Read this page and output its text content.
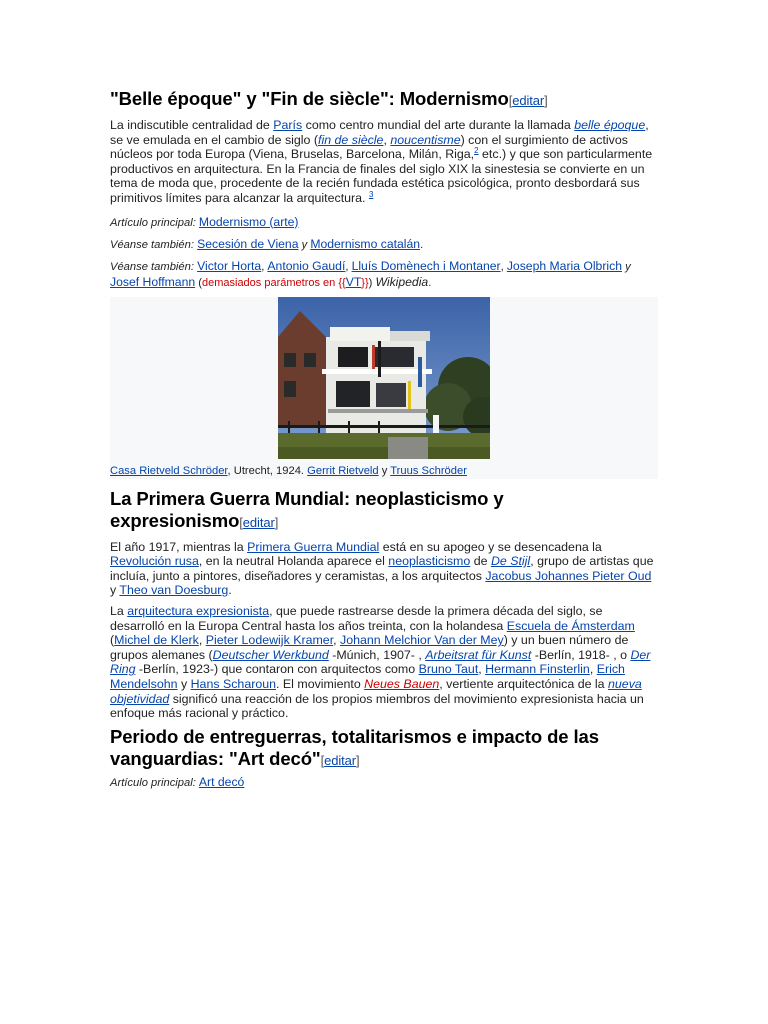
"Belle époque" y "Fin de siècle": Modernismo[editar]

La indiscutible centralidad de París como centro mundial del arte durante la llamada belle époque, se ve emulada en el cambio de siglo (fin de siècle, noucentisme) con el surgimiento de activos núcleos por toda Europa (Viena, Bruselas, Barcelona, Milán, Riga,$^2$ etc.) y que son particularmente productivos en arquitectura. En la Francia de finales del siglo XIX la sinestesia se convierte en un tema de moda que, procedente de la recién fundada estética psicológica, pronto desbordará sus primitivos límites para alcanzar la arquitectura. $^3$

Artículo principal: Modernismo (arte)

Véanse también: Secesión de Viena y Modernismo catalán.

Véanse también: Victor Horta, Antonio Gaudí, Lluís Domènech i Montaner, Joseph Maria Olbrich y Josef Hoffmann (demasiados parámetros en {{VT}}) Wikipedia.

Casa Rietveld Schröder, Utrecht, 1924. Gerrit Rietveld y Truus Schröder
La Primera Guerra Mundial: neoplasticismo y expresionismo[editar]

El año 1917, mientras la Primera Guerra Mundial está en su apogeo y se desencadena la Revolución rusa, en la neutral Holanda aparece el neoplasticismo de De Stijl, grupo de artistas que incluía, junto a pintores, diseñadores y ceramistas, a los arquitectos Jacobus Johannes Pieter Oud y Theo van Doesburg.

La arquitectura expresionista, que puede rastrearse desde la primera década del siglo, se desarrolló en la Europa Central hasta los años treinta, con la holandesa Escuela de Ámsterdam (Michel de Klerk, Pieter Lodewijk Kramer, Johann Melchior Van der Mey) y un buen número de grupos alemanes (Deutscher Werkbund -Múnich, 1907- , Arbeitsrat für Kunst -Berlín, 1918- , o Der Ring -Berlín, 1923-) que contaron con arquitectos como Bruno Taut, Hermann Finsterlin, Erich Mendelsohn y Hans Scharoun. El movimiento Neues Bauen, vertiente arquitectónica de la nueva objetividad significó una reacción de los propios miembros del movimiento expresionista hacia un enfoque más racional y práctico.

Periodo de entreguerras, totalitarismos e impacto de las vanguardias: "Art decó"[editar]

Artículo principal: Art decó
